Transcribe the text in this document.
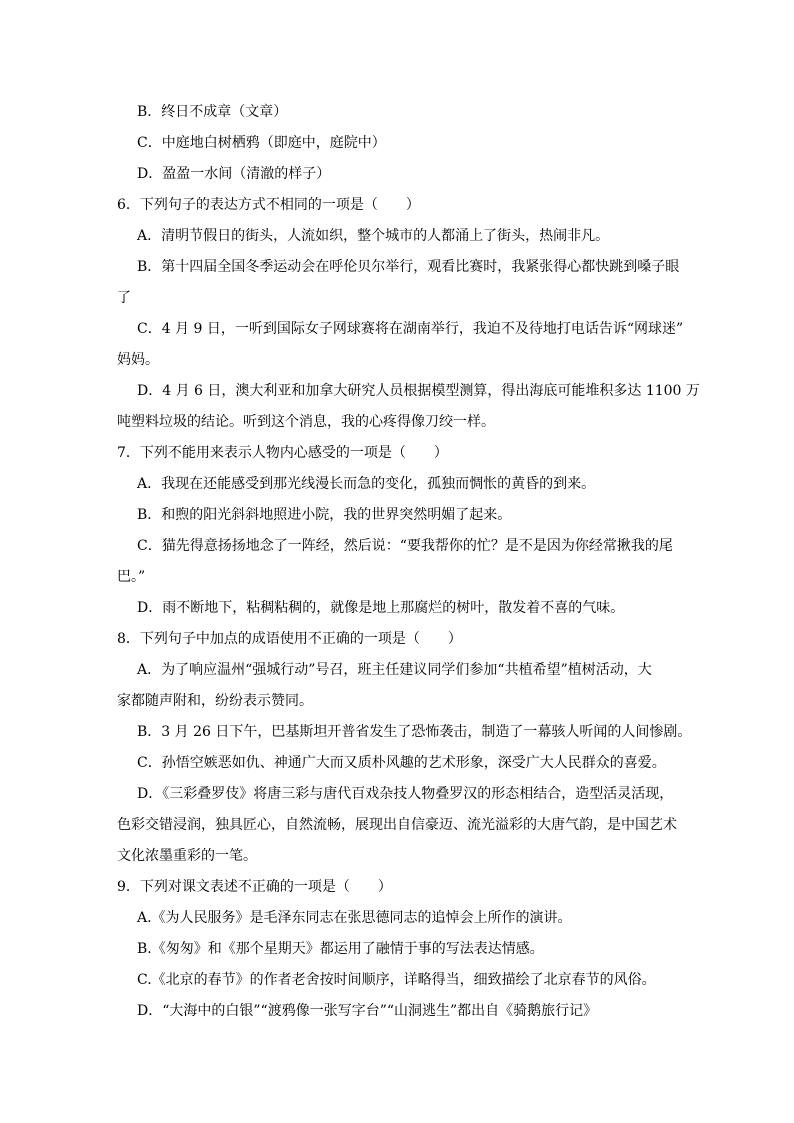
B．终日不成章（文章）
C．中庭地白树栖鸦（即庭中，庭院中）
D．盈盈一水间（清澈的样子）
6．下列句子的表达方式不相同的一项是（　　）
A．清明节假日的街头，人流如织，整个城市的人都涌上了街头，热闹非凡。
B．第十四届全国冬季运动会在呼伦贝尔举行，观看比赛时，我紧张得心都快跳到嗓子眼
了
C．4 月 9 日，一听到国际女子网球赛将在湖南举行，我迫不及待地打电话告诉“网球迷”
妈妈。
D．4 月 6 日，澳大利亚和加拿大研究人员根据模型测算，得出海底可能堆积多达 1100 万
吨塑料垃圾的结论。听到这个消息，我的心疼得像刀绞一样。
7．下列不能用来表示人物内心感受的一项是（　　）
A．我现在还能感受到那光线漫长而急的变化，孤独而惆怅的黄昏的到来。
B．和煦的阳光斜斜地照进小院，我的世界突然明媚了起来。
C．猫先得意扬扬地念了一阵经，然后说：“要我帮你的忙？是不是因为你经常揪我的尾
巴。”
D．雨不断地下，粘稠粘稠的，就像是地上那腐烂的树叶，散发着不喜的气味。
8．下列句子中加点的成语使用不正确的一项是（　　）
A．为了响应温州“强城行动”号召，班主任建议同学们参加“共植希望”植树活动，大
家都随声附和，纷纷表示赞同。
B．3 月 26 日下午，巴基斯坦开普省发生了恐怖袭击，制造了一幕骇人听闻的人间惨剧。
C．孙悟空嫉恶如仇、神通广大而又质朴风趣的艺术形象，深受广大人民群众的喜爱。
D．《三彩叠罗伎》将唐三彩与唐代百戏杂技人物叠罗汉的形态相结合，造型活灵活现，
色彩交错浸润，独具匠心，自然流畅，展现出自信豪迈、流光溢彩的大唐气韵，是中国艺术
文化浓墨重彩的一笔。
9．下列对课文表述不正确的一项是（　　）
A.《为人民服务》是毛泽东同志在张思德同志的追悼会上所作的演讲。
B.《匆匆》和《那个星期天》都运用了融情于事的写法表达情感。
C.《北京的春节》的作者老舍按时间顺序，详略得当，细致描绘了北京春节的风俗。
D．“大海中的白银”“渡鸦像一张写字台”“山洞逃生”都出自《骑鹅旅行记》
